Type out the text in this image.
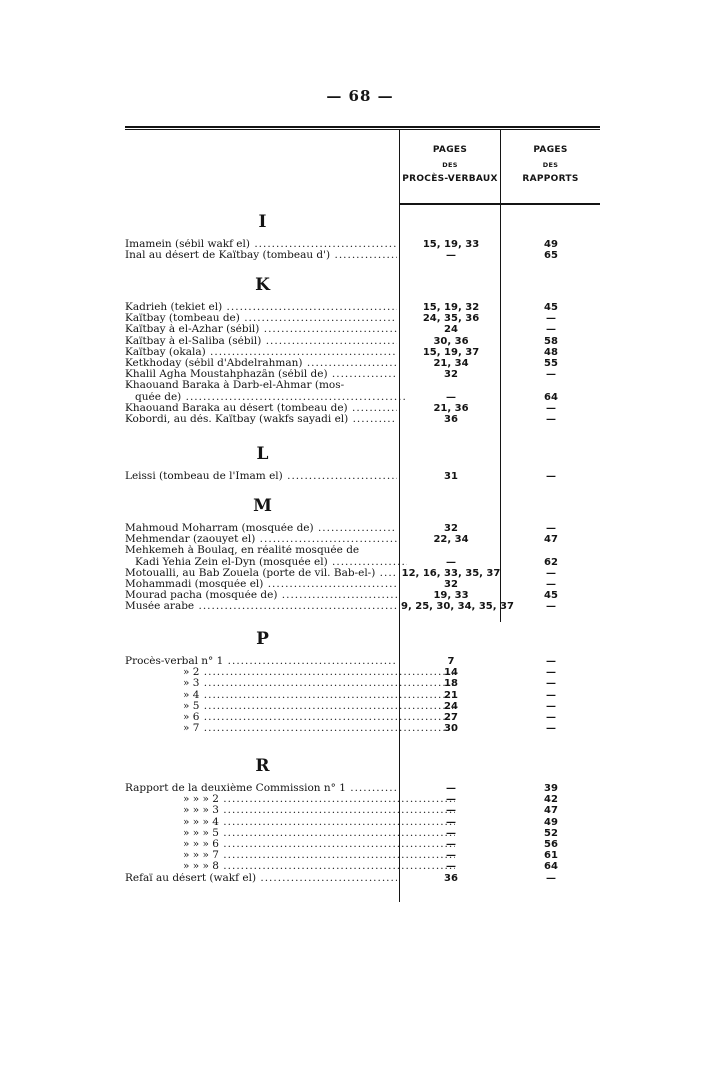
— 68 —
PAGES
DES
PROCÈS-VERBAUX
PAGES
DES
RAPPORTS
I
Imamein (sébil wakf el) .....	15, 19, 33	49
Inal au désert de Kaïtbay (tombeau d') .....	—	65
K
Kadrieh (tekiet el) .....	15, 19, 32	45
Kaïtbay (tombeau de) .....	24, 35, 36	—
Kaïtbay à el-Azhar (sébil) .....	24	—
Kaïtbay à el-Saliba (sébil) .....	30, 36	58
Kaïtbay (okala) .....	15, 19, 37	48
Ketkhoday (sébil d'Abdelrahman) .....	21, 34	55
Khalil Agha Moustahphazân (sébil de) .....	32	—
Khaouand Baraka à Darb-el-Ahmar (mos-
quée de) .....	—	64
Khaouand Baraka au désert (tombeau de) .....	21, 36	—
Kobordi, au dés. Kaïtbay (wakfs sayadi el) .....	36	—
L
Leissi (tombeau de l'Imam el) .....	31	—
M
Mahmoud Moharram (mosquée de) .....	32	—
Mehmendar (zaouyet el) .....	22, 34	47
Mehkemeh à Boulaq, en réalité mosquée de
Kadi Yehia Zein el-Dyn (mosquée el) .....	—	62
Motoualli, au Bab Zouela (porte de vil. Bab-el-) .....	12, 16, 33, 35, 37	—
Mohammadi (mosquée el) .....	32	—
Mourad pacha (mosquée de) .....	19, 33	45
Musée arabe .....	9, 25, 30, 34, 35, 37	—
P
Procès-verbal n° 1 .....	7	—
» 2 .....	14	—
» 3 .....	18	—
» 4 .....	21	—
» 5 .....	24	—
» 6 .....	27	—
» 7 .....	30	—
R
Rapport de la deuxième Commission n° 1 .....	—	39
» » » 2 .....	—	42
» » » 3 .....	—	47
» » » 4 .....	—	49
» » » 5 .....	—	52
» » » 6 .....	—	56
» » » 7 .....	—	61
» » » 8 .....	—	64
Refaï au désert (wakf el) .....	36	—
